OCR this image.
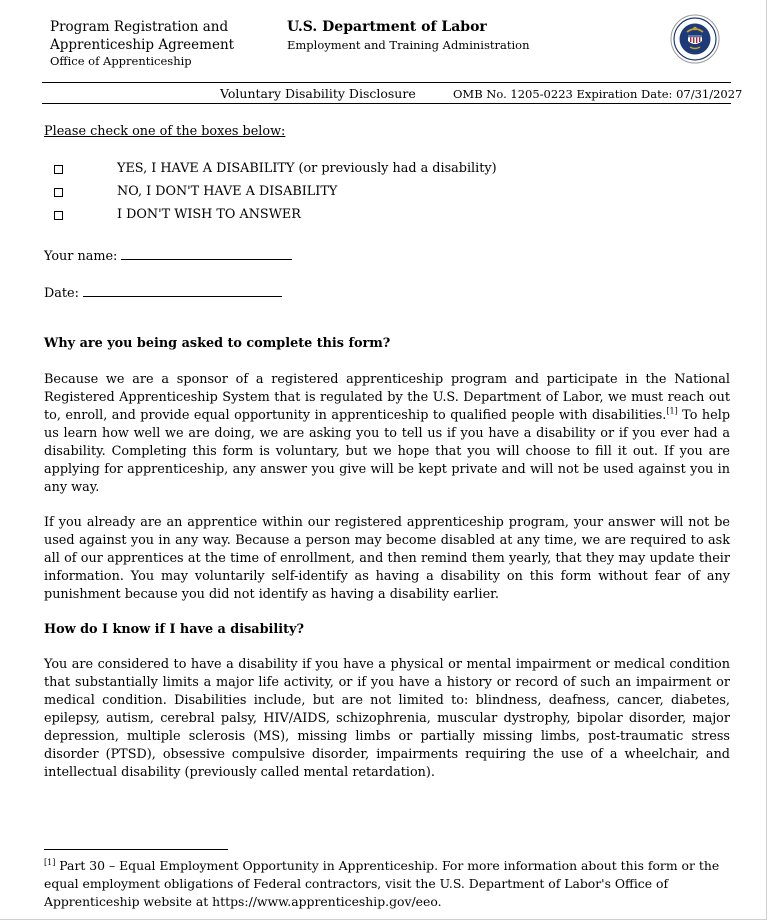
Program Registration and
Apprenticeship Agreement
Office of Apprenticeship
U.S. Department of Labor
Employment and Training Administration
Voluntary Disability Disclosure	OMB No. 1205-0223 Expiration Date: 07/31/2027
Please check one of the boxes below:
YES, I HAVE A DISABILITY (or previously had a disability)
NO, I DON'T HAVE A DISABILITY
I DON'T WISH TO ANSWER
Your name:
Date:
Why are you being asked to complete this form?
Because we are a sponsor of a registered apprenticeship program and participate in the National Registered Apprenticeship System that is regulated by the U.S. Department of Labor, we must reach out to, enroll, and provide equal opportunity in apprenticeship to qualified people with disabilities.[1] To help us learn how well we are doing, we are asking you to tell us if you have a disability or if you ever had a disability. Completing this form is voluntary, but we hope that you will choose to fill it out. If you are applying for apprenticeship, any answer you give will be kept private and will not be used against you in any way.
If you already are an apprentice within our registered apprenticeship program, your answer will not be used against you in any way. Because a person may become disabled at any time, we are required to ask all of our apprentices at the time of enrollment, and then remind them yearly, that they may update their information. You may voluntarily self-identify as having a disability on this form without fear of any punishment because you did not identify as having a disability earlier.
How do I know if I have a disability?
You are considered to have a disability if you have a physical or mental impairment or medical condition that substantially limits a major life activity, or if you have a history or record of such an impairment or medical condition. Disabilities include, but are not limited to: blindness, deafness, cancer, diabetes, epilepsy, autism, cerebral palsy, HIV/AIDS, schizophrenia, muscular dystrophy, bipolar disorder, major depression, multiple sclerosis (MS), missing limbs or partially missing limbs, post-traumatic stress disorder (PTSD), obsessive compulsive disorder, impairments requiring the use of a wheelchair, and intellectual disability (previously called mental retardation).
[1] Part 30 – Equal Employment Opportunity in Apprenticeship. For more information about this form or the equal employment obligations of Federal contractors, visit the U.S. Department of Labor's Office of Apprenticeship website at https://www.apprenticeship.gov/eeo.
